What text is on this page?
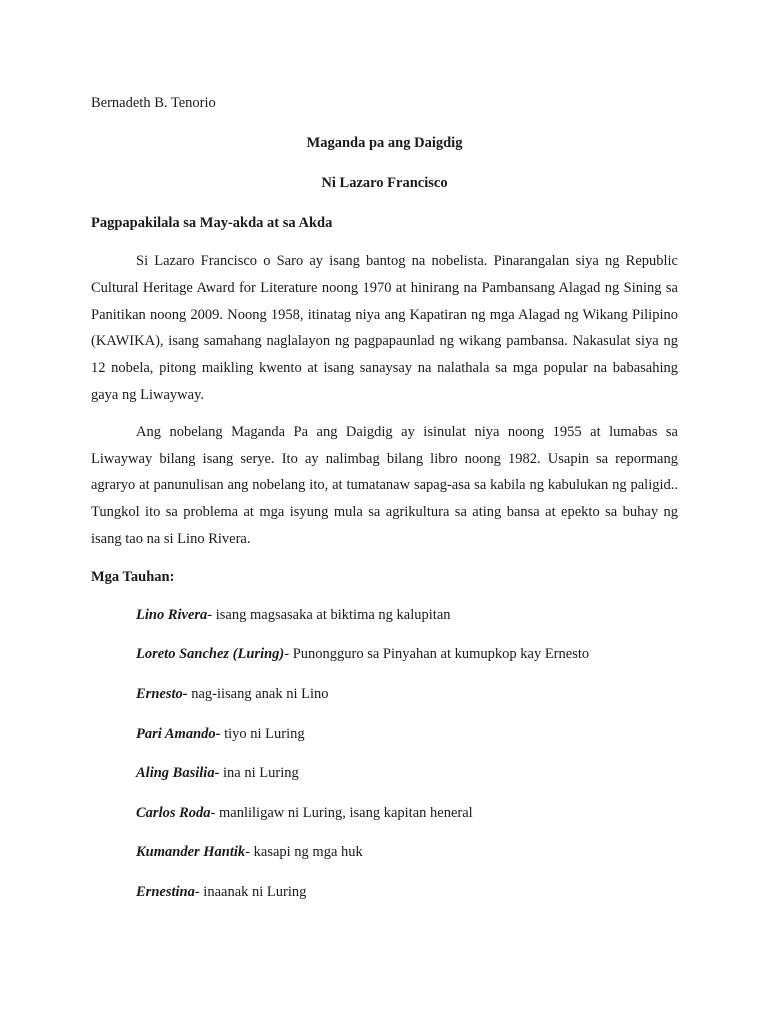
Bernadeth B. Tenorio

Maganda pa ang Daigdig

Ni Lazaro Francisco

Pagpapakilala sa May-akda at sa Akda

Si Lazaro Francisco o Saro ay isang bantog na nobelista. Pinarangalan siya ng Republic Cultural Heritage Award for Literature noong 1970 at hinirang na Pambansang Alagad ng Sining sa Panitikan noong 2009. Noong 1958, itinatag niya ang Kapatiran ng mga Alagad ng Wikang Pilipino (KAWIKA), isang samahang naglalayon ng pagpapaunlad ng wikang pambansa. Nakasulat siya ng 12 nobela, pitong maikling kwento at isang sanaysay na nalathala sa mga popular na babasahing gaya ng Liwayway.

Ang nobelang Maganda Pa ang Daigdig ay isinulat niya noong 1955 at lumabas sa Liwayway bilang isang serye. Ito ay nalimbag bilang libro noong 1982. Usapin sa repormang agraryo at panunulisan ang nobelang ito, at tumatanaw sapag-asa sa kabila ng kabulukan ng paligid.. Tungkol ito sa problema at mga isyung mula sa agrikultura sa ating bansa at epekto sa buhay ng isang tao na si Lino Rivera.

Mga Tauhan:

Lino Rivera- isang magsasaka at biktima ng kalupitan
Loreto Sanchez (Luring)- Punongguro sa Pinyahan at kumupkop kay Ernesto
Ernesto- nag-iisang anak ni Lino
Pari Amando- tiyo ni Luring
Aling Basilia- ina ni Luring
Carlos Roda- manliligaw ni Luring, isang kapitan heneral
Kumander Hantik- kasapi ng mga huk
Ernestina- inaanak ni Luring
